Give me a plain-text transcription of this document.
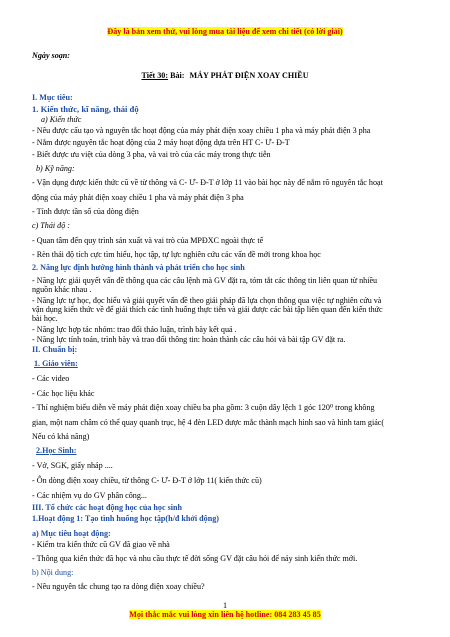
Đây là bản xem thử, vui lòng mua tài liệu để xem chi tiết (có lời giải)
Ngày soạn:
Tiết 30: Bài: MÁY PHÁT ĐIỆN XOAY CHIỀU
I. Mục tiêu:
1. Kiến thức, kĩ năng, thái độ
a) Kiến thức
- Nêu được cấu tạo và nguyên tắc hoạt động của máy phát điện xoay chiều 1 pha và máy phát điện 3 pha
- Nắm được nguyên tắc hoạt động của 2 máy hoạt động dựa trên HT C- Ư- Đ-T
- Biết được ưu việt của dòng 3 pha, và vai trò của các máy trong thực tiễn
b) Kỹ năng:
- Vận dụng được kiến thức cũ về từ thông và C- Ư- Đ-T ở lớp 11 vào bài học này để nắm rõ nguyên tắc hoạt
động của máy phát điện xoay chiều 1 pha và máy phát điện 3 pha
- Tính được tần số của dòng điện
c) Thái độ :
- Quan tâm đến quy trình sản xuất và vai trò của MPĐXC ngoài thực tế
- Rèn thái độ tích cực tìm hiểu, học tập, tự lực nghiên cứu các vấn đề mới trong khoa học
2. Năng lực định hướng hình thành và phát triển cho học sinh
- Năng lực giải quyết vấn đề thông qua các câu lệnh mà GV đặt ra, tóm tắt các thông tin liên quan từ nhiều
nguồn khác nhau .
- Năng lực tự học, đọc hiểu và giải quyết vấn đề theo giải pháp đã lựa chọn thông qua việc tự nghiên cứu và
vận dụng kiến thức về để giải thích các tình huống thực tiễn và giải được các bài tập liên quan đến kiến thức
bài học.
- Năng lực hợp tác nhóm: trao đổi thảo luận, trình bày kết quả .
- Năng lực tính toán, trình bày và trao đổi thông tin: hoàn thành các câu hỏi và bài tập GV đặt ra.
II. Chuẩn bị:
1. Giáo viên:
- Các video
- Các học liệu khác
- Thí nghiệm biểu diễn về máy phát điện xoay chiều ba pha gồm: 3 cuộn dây lệch 1 góc 120⁰ trong không
gian, một nam châm có thể quay quanh trục, hệ 4 đèn LED được mắc thành mạch hình sao và hình tam giác(
Nếu có khả năng)
2.Học Sinh:
- Vở, SGK, giấy nháp ....
- Ôn dòng điện xoay chiều, từ thông C- Ư- Đ-T ở lớp 11( kiến thức cũ)
- Các nhiệm vụ do GV phân công...
III. Tổ chức các hoạt động học của học sinh
1.Hoạt động 1: Tạo tình huống học tập(h/đ khởi động)
a) Mục tiêu hoạt động:
- Kiểm tra kiến thức cũ GV đã giao về nhà
- Thông qua kiến thức đã học và nhu cầu thực tế đời sống GV đặt câu hỏi để nảy sinh kiến thức mới.
b) Nội dung:
- Nêu nguyên tắc chung tạo ra dòng điện xoay chiều?
1
Mọi thắc mắc vui lòng xin liên hệ hotline: 084 283 45 85
